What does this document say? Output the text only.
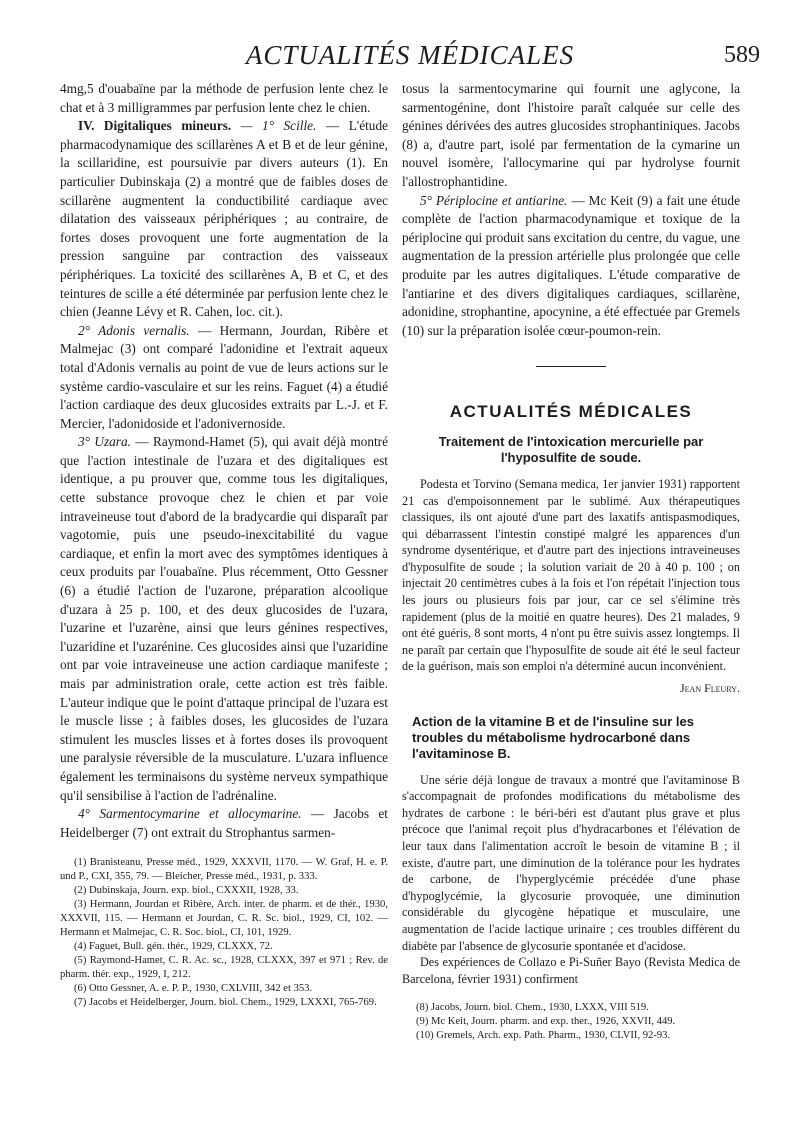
ACTUALITÉS MÉDICALES	589

4mg,5 d'ouabaïne par la méthode de perfusion lente chez le chat et à 3 milligrammes par perfusion lente chez le chien.

IV. Digitaliques mineurs. — 1° Scille. — L'étude pharmacodynamique des scillarènes A et B et de leur génine, la scillaridine, est poursuivie par divers auteurs (1). En particulier Dubinskaja (2) a montré que de faibles doses de scillarène augmentent la conductibilité cardiaque avec dilatation des vaisseaux périphériques ; au contraire, de fortes doses provoquent une forte augmentation de la pression sanguine par contraction des vaisseaux périphériques. La toxicité des scillarènes A, B et C, et des teintures de scille a été déterminée par perfusion lente chez le chien (Jeanne Lévy et R. Cahen, loc. cit.).

2° Adonis vernalis. — Hermann, Jourdan, Ribère et Malmejac (3) ont comparé l'adonidine et l'extrait aqueux total d'Adonis vernalis au point de vue de leurs actions sur le système cardio-vasculaire et sur les reins. Faguet (4) a étudié l'action cardiaque des deux glucosides extraits par L.-J. et F. Mercier, l'adonidoside et l'adonivernoside.

3° Uzara. — Raymond-Hamet (5), qui avait déjà montré que l'action intestinale de l'uzara et des digitaliques est identique, a pu prouver que, comme tous les digitaliques, cette substance provoque chez le chien et par voie intraveineuse tout d'abord de la bradycardie qui disparaît par vagotomie, puis une pseudo-inexcitabilité du vague cardiaque, et enfin la mort avec des symptômes identiques à ceux produits par l'ouabaïne. Plus récemment, Otto Gessner (6) a étudié l'action de l'uzarone, préparation alcoolique d'uzara à 25 p. 100, et des deux glucosides de l'uzara, l'uzarine et l'uzarène, ainsi que leurs génines respectives, l'uzaridine et l'uzarénine. Ces glucosides ainsi que l'uzaridine ont par voie intraveineuse une action cardiaque manifeste ; mais par administration orale, cette action est très faible. L'auteur indique que le point d'attaque principal de l'uzara est le muscle lisse ; à faibles doses, les glucosides de l'uzara stimulent les muscles lisses et à fortes doses ils provoquent une paralysie réversible de la musculature. L'uzara influence également les terminaisons du système nerveux sympathique qu'il sensibilise à l'action de l'adrénaline.

4° Sarmentocymarine et allocymarine. — Jacobs et Heidelberger (7) ont extrait du Strophantus sarmen-

(1) Branisteanu, Presse méd., 1929, XXXVII, 1170. — W. Graf, H. e. P. und P., CXI, 355, 79. — Bleicher, Presse méd., 1931, p. 333.

(2) Dubinskaja, Journ. exp. biol., CXXXII, 1928, 33.

(3) Hermann, Jourdan et Ribère, Arch. inter. de pharm. et de thér., 1930, XXXVII, 115. — Hermann et Jourdan, C. R. Sc. biol., 1929, CI, 102. — Hermann et Malmejac, C. R. Soc. biol., CI, 101, 1929.

(4) Faguet, Bull. gén. thér., 1929, CLXXX, 72.

(5) Raymond-Hamet, C. R. Ac. sc., 1928, CLXXX, 397 et 971 ; Rev. de pharm. thér. exp., 1929, I, 212.

(6) Otto Gessner, A. e. P. P., 1930, CXLVIII, 342 et 353.

(7) Jacobs et Heidelberger, Journ. biol. Chem., 1929, LXXXI, 765-769.

tosus la sarmentocymarine qui fournit une aglycone, la sarmentogénine, dont l'histoire paraît calquée sur celle des génines dérivées des autres glucosides strophantiniques. Jacobs (8) a, d'autre part, isolé par fermentation de la cymarine un nouvel isomère, l'allocymarine qui par hydrolyse fournit l'allostrophantidine.

5° Périplocine et antiarine. — Mc Keit (9) a fait une étude complète de l'action pharmacodynamique et toxique de la périplocine qui produit sans excitation du centre, du vague, une augmentation de la pression artérielle plus prolongée que celle produite par les autres digitaliques. L'étude comparative de l'antiarine et des divers digitaliques cardiaques, scillarène, adonidine, strophantine, apocynine, a été effectuée par Gremels (10) sur la préparation isolée cœur-poumon-rein.

ACTUALITÉS MÉDICALES
Traitement de l'intoxication mercurielle par l'hyposulfite de soude.

Podesta et Torvino (Semana medica, 1er janvier 1931) rapportent 21 cas d'empoisonnement par le sublimé. Aux thérapeutiques classiques, ils ont ajouté d'une part des laxatifs antispasmodiques, qui débarrassent l'intestin constipé malgré les apparences d'un syndrome dysentérique, et d'autre part des injections intraveineuses d'hyposulfite de soude ; la solution variait de 20 à 40 p. 100 ; on injectait 20 centimètres cubes à la fois et l'on répétait l'injection tous les jours ou plusieurs fois par jour, car ce sel s'élimine très rapidement (plus de la moitié en quatre heures). Des 21 malades, 9 ont été guéris, 8 sont morts, 4 n'ont pu être suivis assez longtemps. Il ne paraît par certain que l'hyposulfite de soude ait été le seul facteur de la guérison, mais son emploi n'a déterminé aucun inconvénient.

Jean Fleury.
Action de la vitamine B et de l'insuline sur les troubles du métabolisme hydrocarboné dans l'avitaminose B.

Une série déjà longue de travaux a montré que l'avitaminose B s'accompagnait de profondes modifications du métabolisme des hydrates de carbone : le béri-béri est d'autant plus grave et plus précoce que l'animal reçoit plus d'hydracarbones et l'élévation de leur taux dans l'alimentation accroît le besoin de vitamine B ; il existe, d'autre part, une diminution de la tolérance pour les hydrates de carbone, de l'hyperglycémie précédée d'une phase d'hypoglycémie, la glycosurie provoquée, une diminution considérable du glycogène hépatique et musculaire, une augmentation de l'acide lactique urinaire ; ces troubles diffèrent du diabète par l'absence de glycosurie spontanée et d'acidose.

Des expériences de Collazo e Pi-Suñer Bayo (Revista Medica de Barcelona, février 1931) confirment

(8) Jacobs, Journ. biol. Chem., 1930, LXXX, VIII 519.

(9) Mc Keit, Journ. pharm. and exp. ther., 1926, XXVII, 449.

(10) Gremels, Arch. exp. Path. Pharm., 1930, CLVII, 92-93.
